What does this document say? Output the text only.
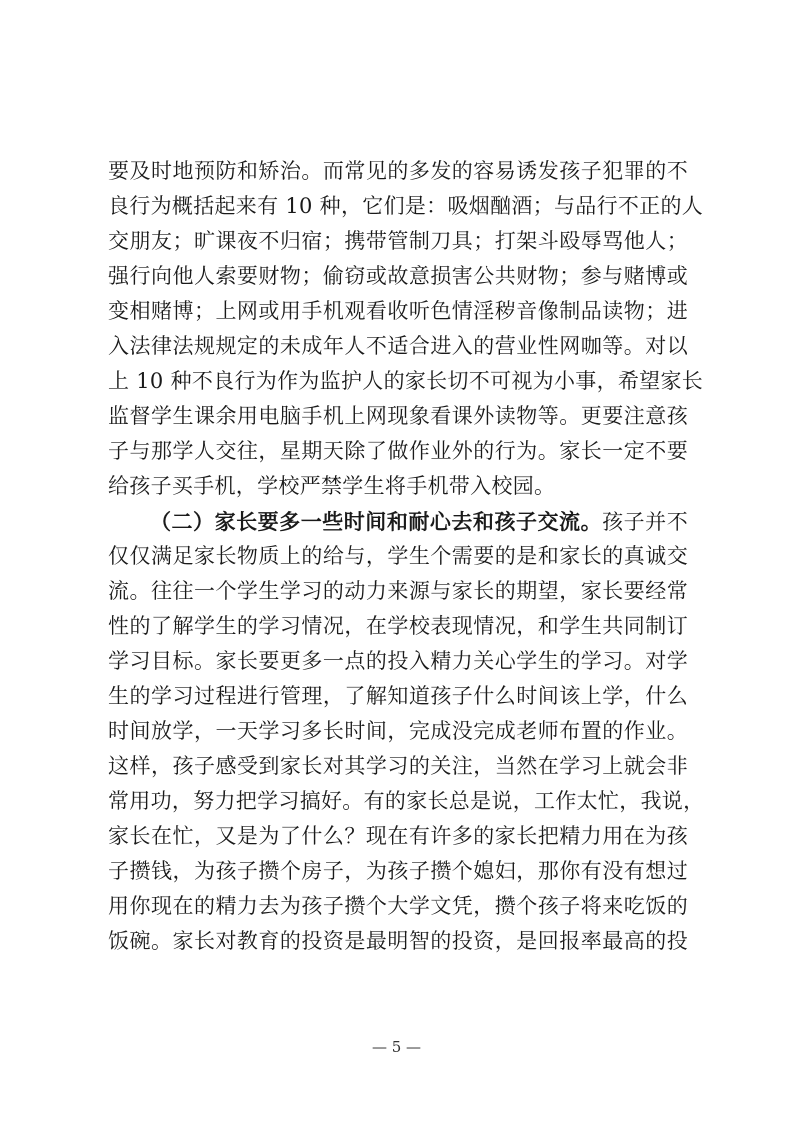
要及时地预防和矫治。而常见的多发的容易诱发孩子犯罪的不
良行为概括起来有 10 种，它们是：吸烟酗酒；与品行不正的人
交朋友；旷课夜不归宿；携带管制刀具；打架斗殴辱骂他人；
强行向他人索要财物；偷窃或故意损害公共财物；参与赌博或
变相赌博；上网或用手机观看收听色情淫秽音像制品读物；进
入法律法规规定的未成年人不适合进入的营业性网咖等。对以
上 10 种不良行为作为监护人的家长切不可视为小事，希望家长
监督学生课余用电脑手机上网现象看课外读物等。更要注意孩
子与那学人交往，星期天除了做作业外的行为。家长一定不要
给孩子买手机，学校严禁学生将手机带入校园。
（二）家长要多一些时间和耐心去和孩子交流。孩子并不
仅仅满足家长物质上的给与，学生个需要的是和家长的真诚交
流。往往一个学生学习的动力来源与家长的期望，家长要经常
性的了解学生的学习情况，在学校表现情况，和学生共同制订
学习目标。家长要更多一点的投入精力关心学生的学习。对学
生的学习过程进行管理，了解知道孩子什么时间该上学，什么
时间放学，一天学习多长时间，完成没完成老师布置的作业。
这样，孩子感受到家长对其学习的关注，当然在学习上就会非
常用功，努力把学习搞好。有的家长总是说，工作太忙，我说，
家长在忙，又是为了什么？现在有许多的家长把精力用在为孩
子攒钱，为孩子攒个房子，为孩子攒个媳妇，那你有没有想过
用你现在的精力去为孩子攒个大学文凭，攒个孩子将来吃饭的
饭碗。家长对教育的投资是最明智的投资，是回报率最高的投
— 5 —
